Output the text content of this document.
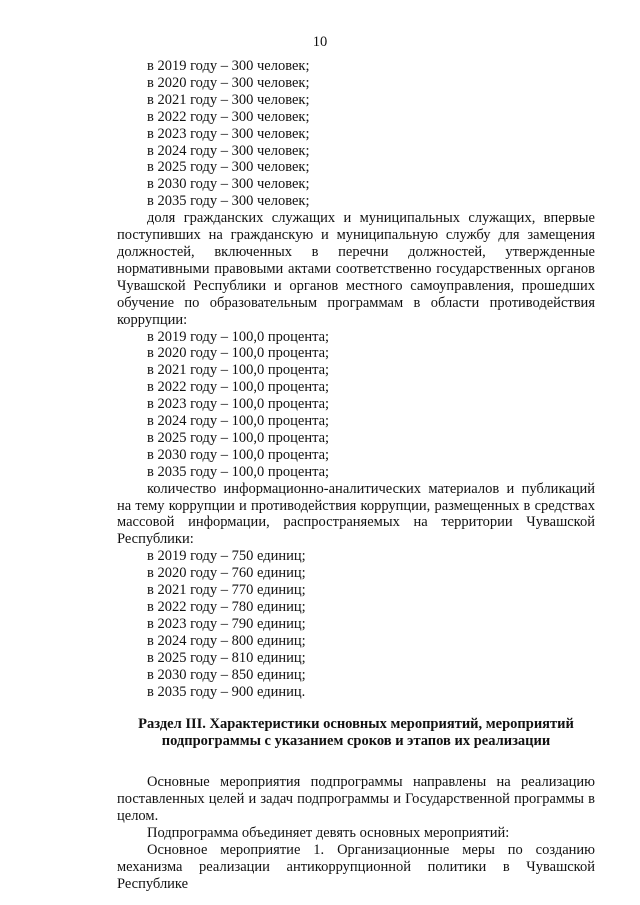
10
в 2019 году – 300 человек;
в 2020 году – 300 человек;
в 2021 году – 300 человек;
в 2022 году – 300 человек;
в 2023 году – 300 человек;
в 2024 году – 300 человек;
в 2025 году – 300 человек;
в 2030 году – 300 человек;
в 2035 году – 300 человек;
доля гражданских служащих и муниципальных служащих, впервые поступивших на гражданскую и муниципальную службу для замещения должностей, включенных в перечни должностей, утвержденные нормативными правовыми актами соответственно государственных органов Чувашской Республики и органов местного самоуправления, прошедших обучение по образовательным программам в области противодействия коррупции:
в 2019 году – 100,0 процента;
в 2020 году – 100,0 процента;
в 2021 году – 100,0 процента;
в 2022 году – 100,0 процента;
в 2023 году – 100,0 процента;
в 2024 году – 100,0 процента;
в 2025 году – 100,0 процента;
в 2030 году – 100,0 процента;
в 2035 году – 100,0 процента;
количество информационно-аналитических материалов и публикаций на тему коррупции и противодействия коррупции, размещенных в средствах массовой информации, распространяемых на территории Чувашской Республики:
в 2019 году – 750 единиц;
в 2020 году – 760 единиц;
в 2021 году – 770 единиц;
в 2022 году – 780 единиц;
в 2023 году – 790 единиц;
в 2024 году – 800 единиц;
в 2025 году – 810 единиц;
в 2030 году – 850 единиц;
в 2035 году – 900 единиц.
Раздел III. Характеристики основных мероприятий, мероприятий
подпрограммы с указанием сроков и этапов их реализации
Основные мероприятия подпрограммы направлены на реализацию поставленных целей и задач подпрограммы и Государственной программы в целом.
Подпрограмма объединяет девять основных мероприятий:
Основное мероприятие 1. Организационные меры по созданию механизма реализации антикоррупционной политики в Чувашской Республике
